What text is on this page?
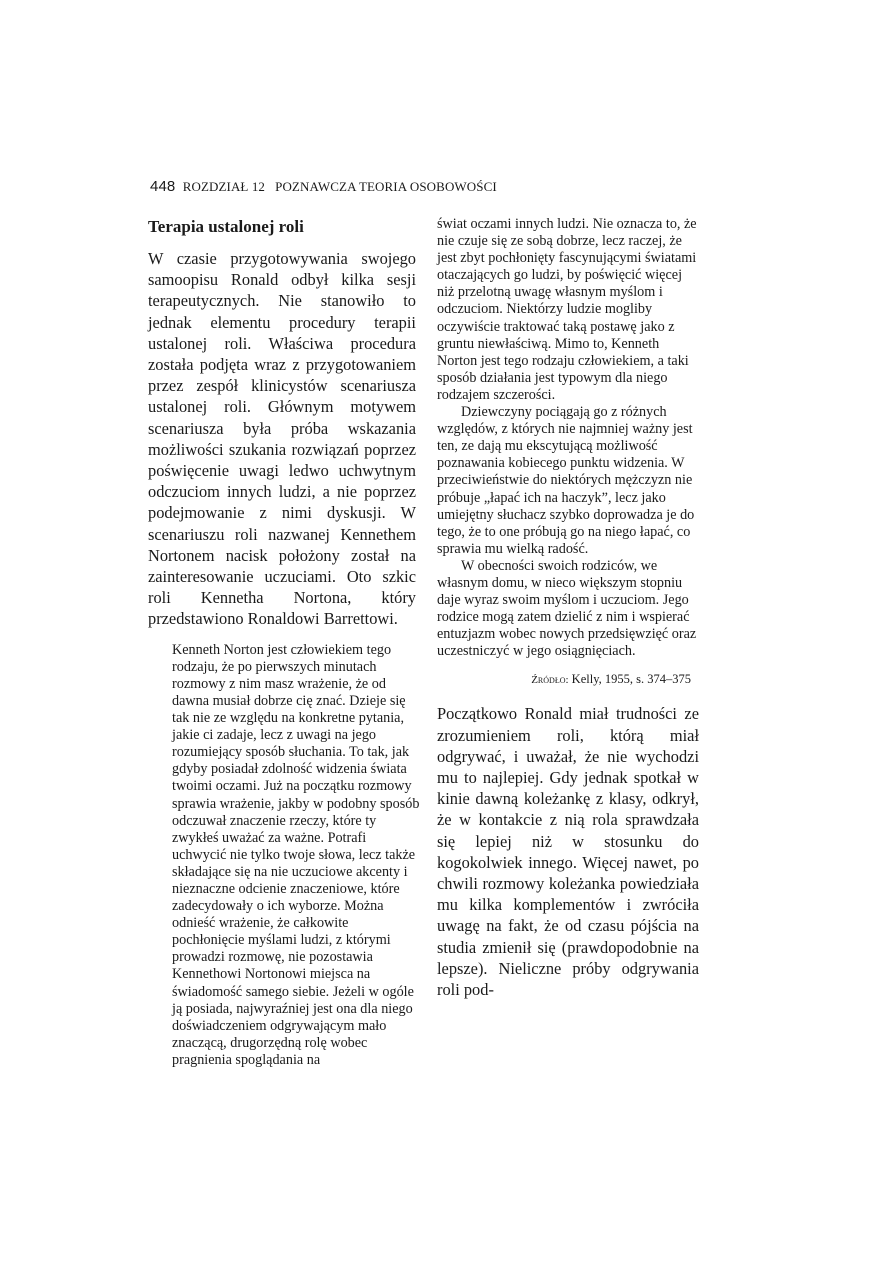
448 ROZDZIAŁ 12 POZNAWCZA TEORIA OSOBOWOŚCI
Terapia ustalonej roli

W czasie przygotowywania swojego samoopisu Ronald odbył kilka sesji terapeutycznych. Nie stanowiło to jednak elementu procedury terapii ustalonej roli. Właściwa procedura została podjęta wraz z przygotowaniem przez zespół klinicystów scenariusza ustalonej roli. Głównym motywem scenariusza była próba wskazania możliwości szukania rozwiązań poprzez poświęcenie uwagi ledwo uchwytnym odczuciom innych ludzi, a nie poprzez podejmowanie z nimi dyskusji. W scenariuszu roli nazwanej Kennethem Nortonem nacisk położony został na zainteresowanie uczuciami. Oto szkic roli Kennetha Nortona, który przedstawiono Ronaldowi Barrettowi.

Kenneth Norton jest człowiekiem tego rodzaju, że po pierwszych minutach rozmowy z nim masz wrażenie, że od dawna musiał dobrze cię znać. Dzieje się tak nie ze względu na konkretne pytania, jakie ci zadaje, lecz z uwagi na jego rozumiejący sposób słuchania. To tak, jak gdyby posiadał zdolność widzenia świata twoimi oczami. Już na początku rozmowy sprawia wrażenie, jakby w podobny sposób odczuwał znaczenie rzeczy, które ty zwykłeś uważać za ważne. Potrafi uchwycić nie tylko twoje słowa, lecz także składające się na nie uczuciowe akcenty i nieznaczne odcienie znaczeniowe, które zadecydowały o ich wyborze. Można odnieść wrażenie, że całkowite pochłonięcie myślami ludzi, z którymi prowadzi rozmowę, nie pozostawia Kennethowi Nortonowi miejsca na świadomość samego siebie. Jeżeli w ogóle ją posiada, najwyraźniej jest ona dla niego doświadczeniem odgrywającym mało znaczącą, drugorzędną rolę wobec pragnienia spoglądania na

świat oczami innych ludzi. Nie oznacza to, że nie czuje się ze sobą dobrze, lecz raczej, że jest zbyt pochłonięty fascynującymi światami otaczających go ludzi, by poświęcić więcej niż przelotną uwagę własnym myślom i odczuciom. Niektórzy ludzie mogliby oczywiście traktować taką postawę jako z gruntu niewłaściwą. Mimo to, Kenneth Norton jest tego rodzaju człowiekiem, a taki sposób działania jest typowym dla niego rodzajem szczerości.

Dziewczyny pociągają go z różnych względów, z których nie najmniej ważny jest ten, ze dają mu ekscytującą możliwość poznawania kobiecego punktu widzenia. W przeciwieństwie do niektórych mężczyzn nie próbuje „łapać ich na haczyk”, lecz jako umiejętny słuchacz szybko doprowadza je do tego, że to one próbują go na niego łapać, co sprawia mu wielką radość.

W obecności swoich rodziców, we własnym domu, w nieco większym stopniu daje wyraz swoim myślom i uczuciom. Jego rodzice mogą zatem dzielić z nim i wspierać entuzjazm wobec nowych przedsięwzięć oraz uczestniczyć w jego osiągnięciach.

Źródło: Kelly, 1955, s. 374–375

Początkowo Ronald miał trudności ze zrozumieniem roli, którą miał odgrywać, i uważał, że nie wychodzi mu to najlepiej. Gdy jednak spotkał w kinie dawną koleżankę z klasy, odkrył, że w kontakcie z nią rola sprawdzała się lepiej niż w stosunku do kogokolwiek innego. Więcej nawet, po chwili rozmowy koleżanka powiedziała mu kilka komplementów i zwróciła uwagę na fakt, że od czasu pójścia na studia zmienił się (prawdopodobnie na lepsze). Nieliczne próby odgrywania roli pod-
